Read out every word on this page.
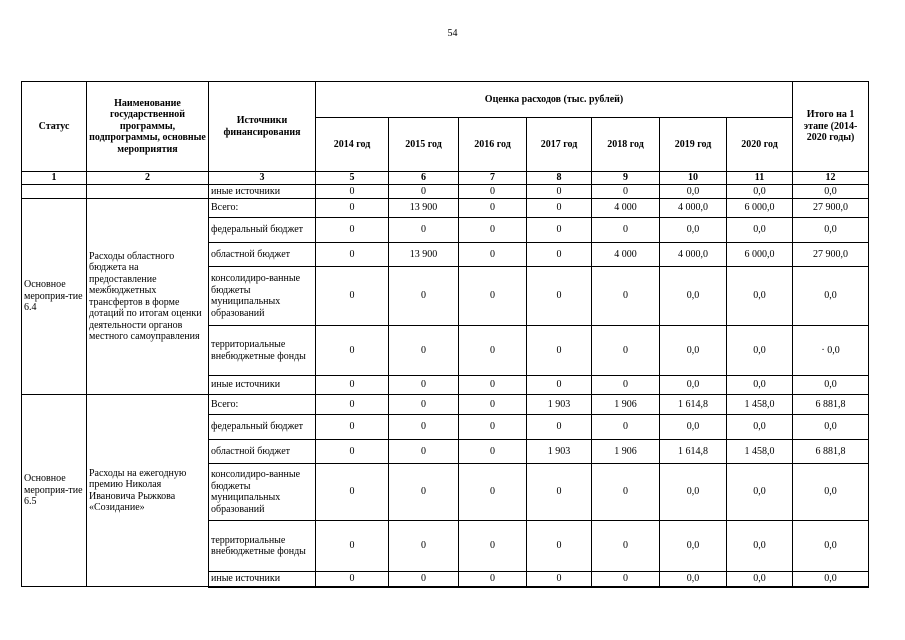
54
Статус	Наименование государственной программы, подпрограммы, основные мероприятия	Источники финансирования	Оценка расходов (тыс. рублей)							Итого на 1 этапе (2014-2020 годы)
			2014 год	2015 год	2016 год	2017 год	2018 год	2019 год	2020 год	
1	2	3	5	6	7	8	9	10	11	12
		иные источники	0	0	0	0	0	0,0	0,0	0,0
Основное мероприя-тие 6.4	Расходы областного бюджета на предоставление межбюджетных трансфертов в форме дотаций по итогам оценки деятельности органов местного самоуправления	Всего:	0	13 900	0	0	4 000	4 000,0	6 000,0	27 900,0
		федеральный бюджет	0	0	0	0	0	0,0	0,0	0,0
		областной бюджет	0	13 900	0	0	4 000	4 000,0	6 000,0	27 900,0
		консолидиро-ванные бюджеты муниципальных образований	0	0	0	0	0	0,0	0,0	0,0
		территориальные внебюджетные фонды	0	0	0	0	0	0,0	0,0	· 0,0
		иные источники	0	0	0	0	0	0,0	0,0	0,0
Основное мероприя-тие 6.5	Расходы на ежегодную премию Николая Ивановича Рыжкова «Созидание»	Всего:	0	0	0	1 903	1 906	1 614,8	1 458,0	6 881,8
		федеральный бюджет	0	0	0	0	0	0,0	0,0	0,0
		областной бюджет	0	0	0	1 903	1 906	1 614,8	1 458,0	6 881,8
		консолидиро-ванные бюджеты муниципальных образований	0	0	0	0	0	0,0	0,0	0,0
		территориальные внебюджетные фонды	0	0	0	0	0	0,0	0,0	0,0
		иные источники	0	0	0	0	0	0,0	0,0	0,0
